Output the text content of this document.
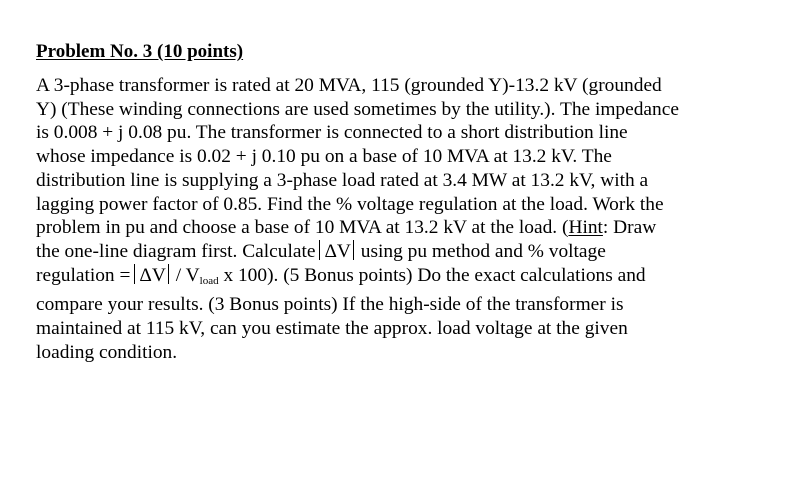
Problem No. 3 (10 points)
A 3-phase transformer is rated at 20 MVA, 115 (grounded Y)-13.2 kV (grounded
Y) (These winding connections are used sometimes by the utility.). The impedance
is 0.008 + j 0.08 pu. The transformer is connected to a short distribution line
whose impedance is 0.02 + j 0.10 pu on a base of 10 MVA at 13.2 kV. The
distribution line is supplying a 3-phase load rated at 3.4 MW at 13.2 kV, with a
lagging power factor of 0.85. Find the % voltage regulation at the load. Work the
problem in pu and choose a base of 10 MVA at 13.2 kV at the load. (Hint: Draw
the one-line diagram first. Calculate ΔV using pu method and % voltage
regulation = ΔV / $V_{load}$ x 100). (5 Bonus points) Do the exact calculations and
compare your results. (3 Bonus points) If the high-side of the transformer is
maintained at 115 kV, can you estimate the approx. load voltage at the given
loading condition.
